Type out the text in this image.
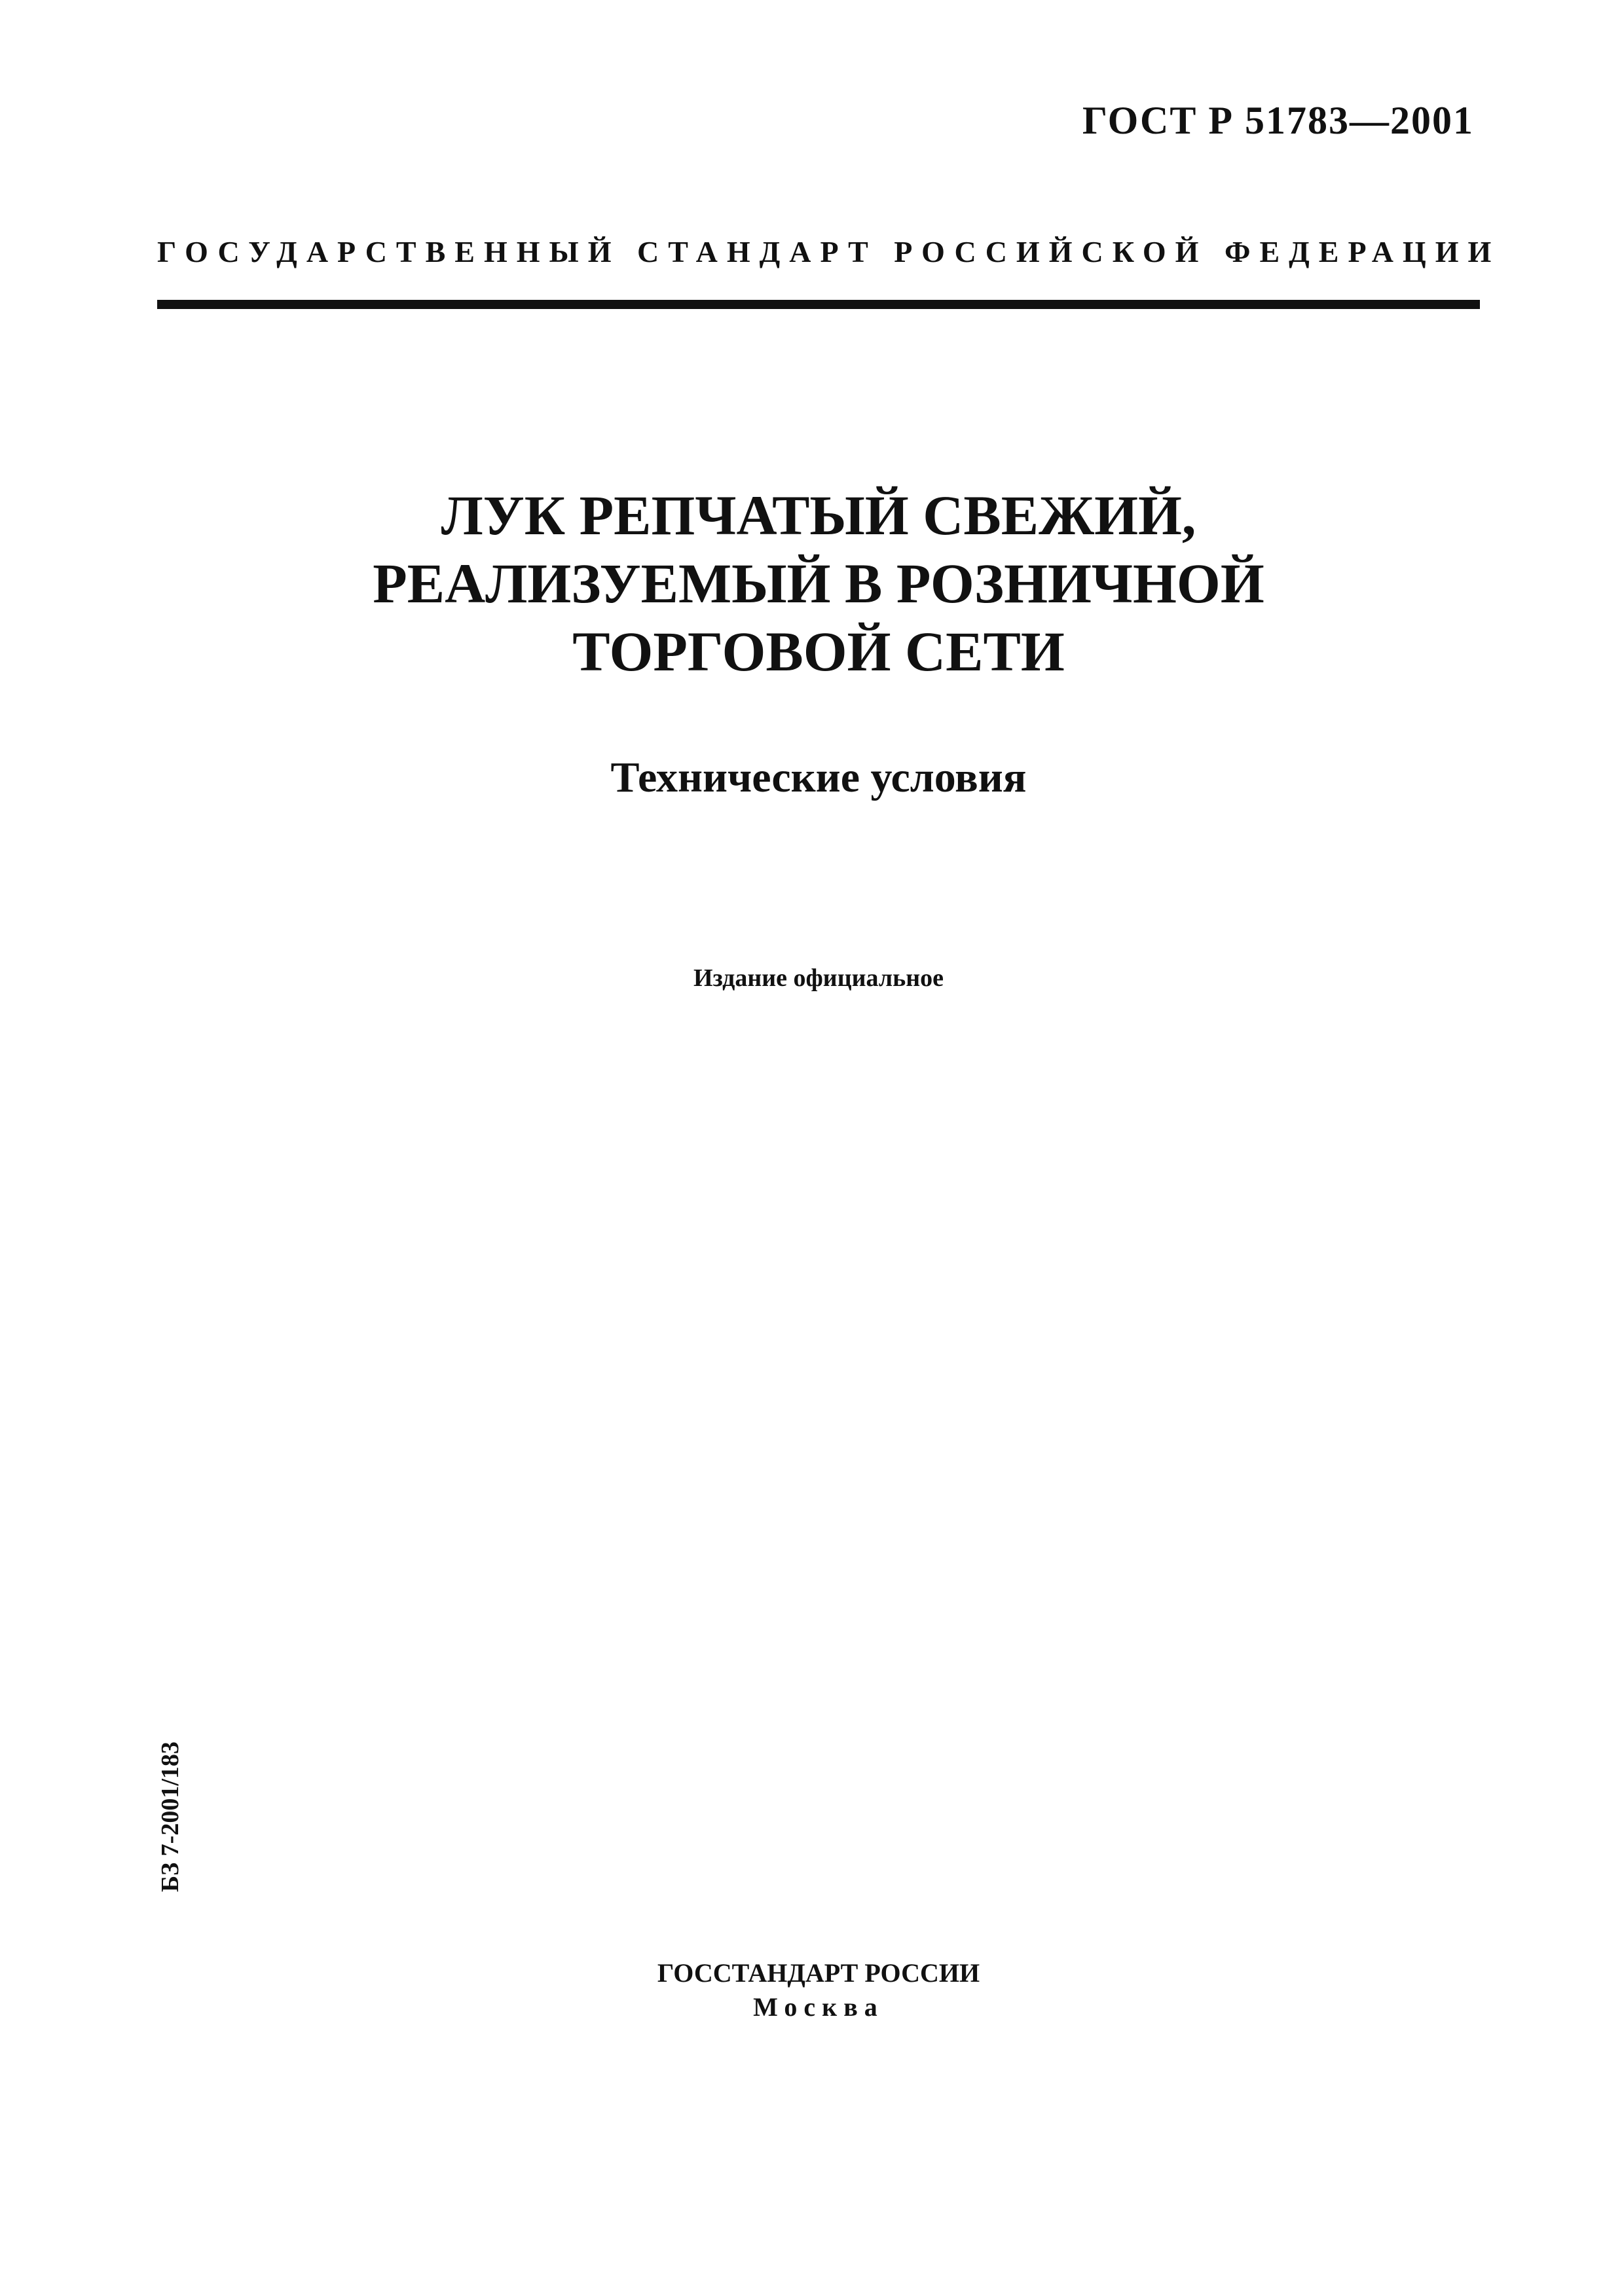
ГОСТ Р 51783—2001
ГОСУДАРСТВЕННЫЙ СТАНДАРТ РОССИЙСКОЙ ФЕДЕРАЦИИ
ЛУК РЕПЧАТЫЙ СВЕЖИЙ,
РЕАЛИЗУЕМЫЙ В РОЗНИЧНОЙ
ТОРГОВОЙ СЕТИ
Технические условия
Издание официальное
БЗ 7-2001/183
ГОССТАНДАРТ РОССИИ
Москва
